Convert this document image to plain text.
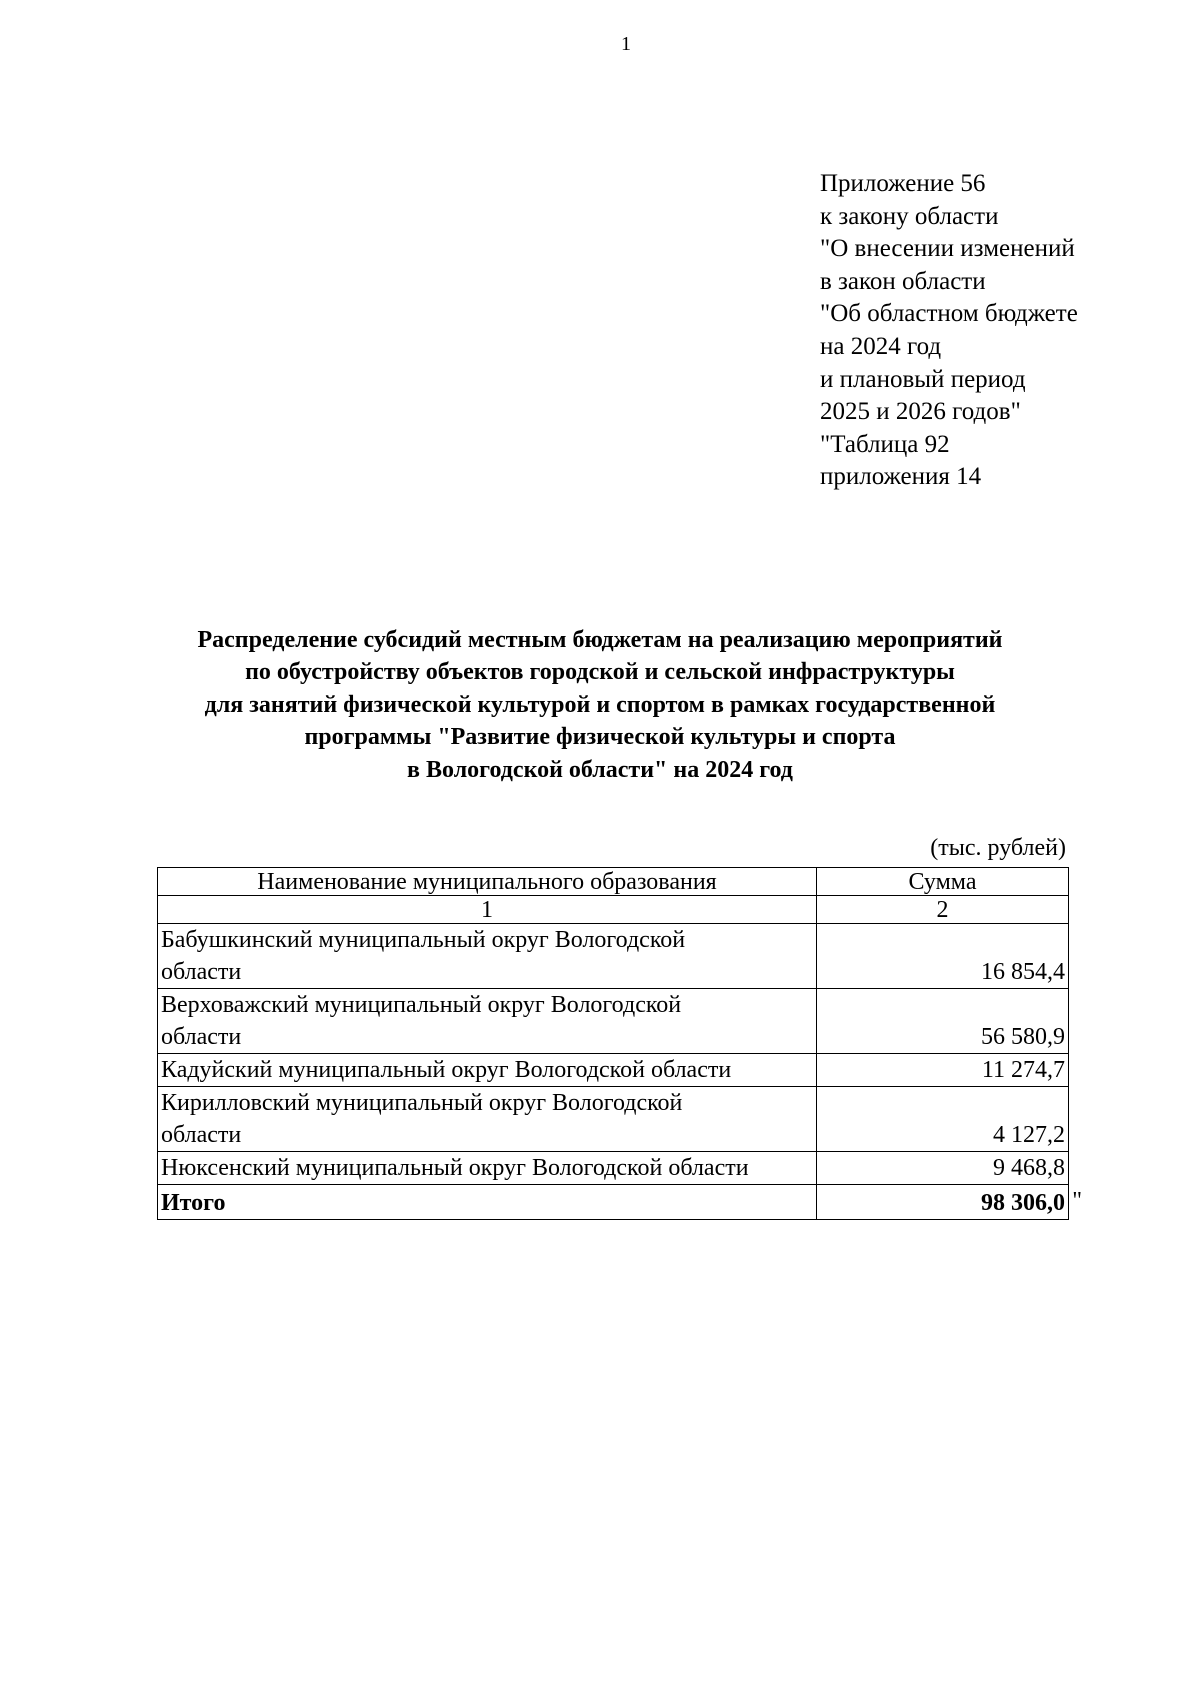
1
Приложение 56
к закону области
"О внесении изменений
в закон области
"Об областном бюджете
на 2024 год
и плановый период
2025 и 2026 годов"
"Таблица 92
приложения 14
Распределение субсидий местным бюджетам на реализацию мероприятий
по обустройству объектов городской и сельской инфраструктуры
для занятий физической культурой и спортом в рамках государственной
программы "Развитие физической культуры и спорта
в Вологодской области" на 2024 год
(тыс. рублей)
Наименование муниципального образования	Сумма
1	2

Бабушкинский муниципальный округ Вологодской
области	16 854,4

Верховажский муниципальный округ Вологодской
области	56 580,9

Кадуйский муниципальный округ Вологодской области	11 274,7

Кирилловский муниципальный округ Вологодской
области	4 127,2

Нюксенский муниципальный округ Вологодской области	9 468,8
Итого	98 306,0 "
